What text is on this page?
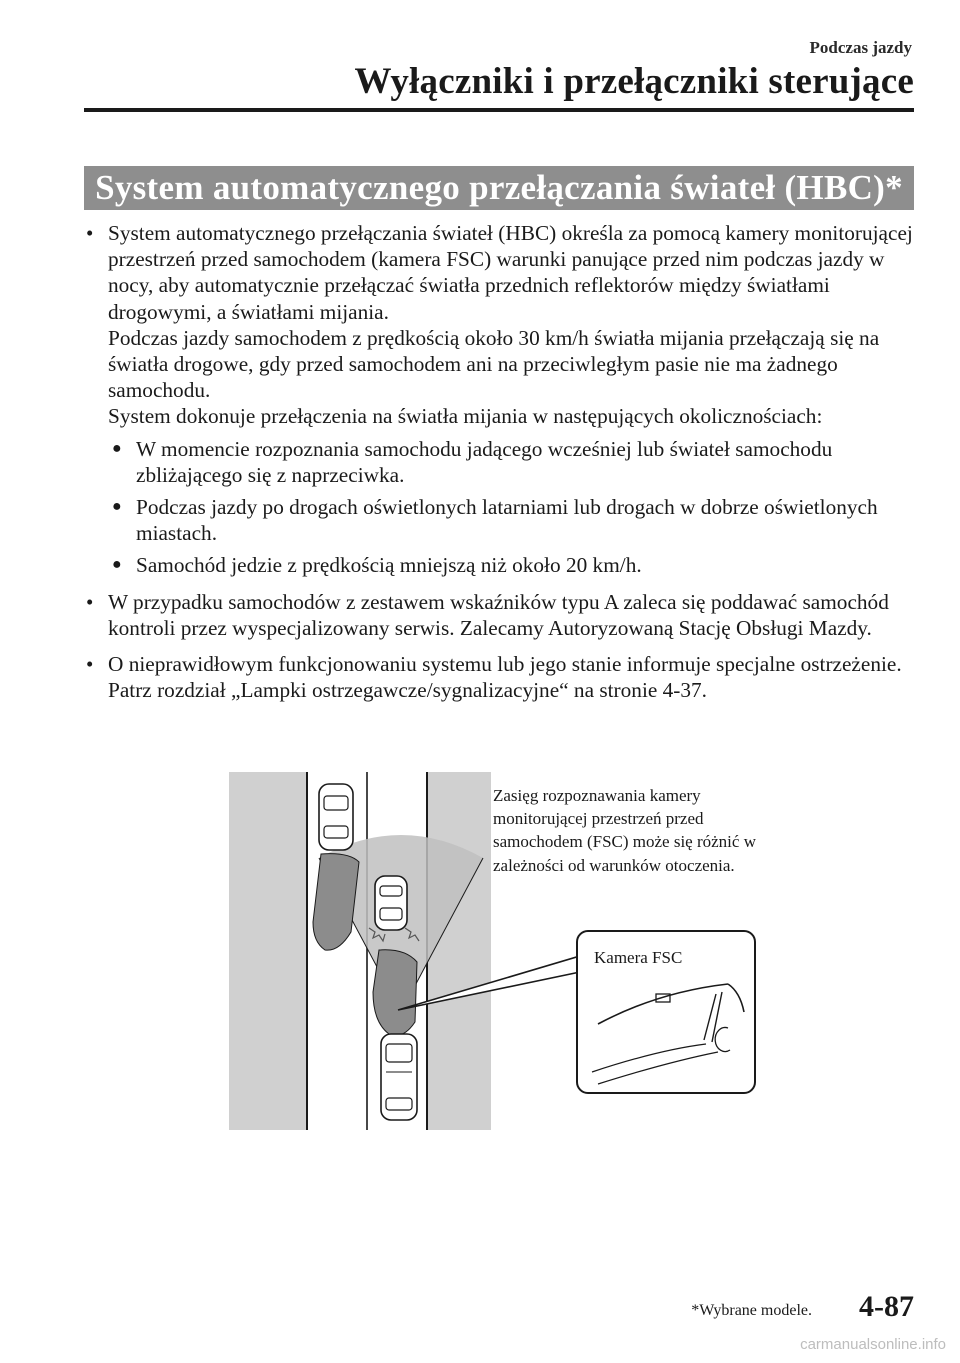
Podczas jazdy
Wyłączniki i przełączniki sterujące
System automatycznego przełączania świateł (HBC)*
• System automatycznego przełączania świateł (HBC) określa za pomocą kamery monitorującej przestrzeń przed samochodem (kamera FSC) warunki panujące przed nim podczas jazdy w nocy, aby automatycznie przełączać światła przednich reflektorów między światłami drogowymi, a światłami mijania.

Podczas jazdy samochodem z prędkością około 30 km/h światła mijania przełączają się na światła drogowe, gdy przed samochodem ani na przeciwległym pasie nie ma żadnego samochodu.

System dokonuje przełączenia na światła mijania w następujących okolicznościach:

● W momencie rozpoznania samochodu jadącego wcześniej lub świateł samochodu zbliżającego się z naprzeciwka.
● Podczas jazdy po drogach oświetlonych latarniami lub drogach w dobrze oświetlonych miastach.
● Samochód jedzie z prędkością mniejszą niż około 20 km/h.
• W przypadku samochodów z zestawem wskaźników typu A zaleca się poddawać samochód kontroli przez wyspecjalizowany serwis. Zalecamy Autoryzowaną Stację Obsługi Mazdy.

• O nieprawidłowym funkcjonowaniu systemu lub jego stanie informuje specjalne ostrzeżenie.

Patrz rozdział „Lampki ostrzegawcze/sygnalizacyjne“ na stronie 4-37.

Zasięg rozpoznawania kamery monitorującej przestrzeń przed samochodem (FSC) może się różnić w zależności od warunków otoczenia.
Kamera FSC
*Wybrane modele. 4-87
carmanualsonline.info
